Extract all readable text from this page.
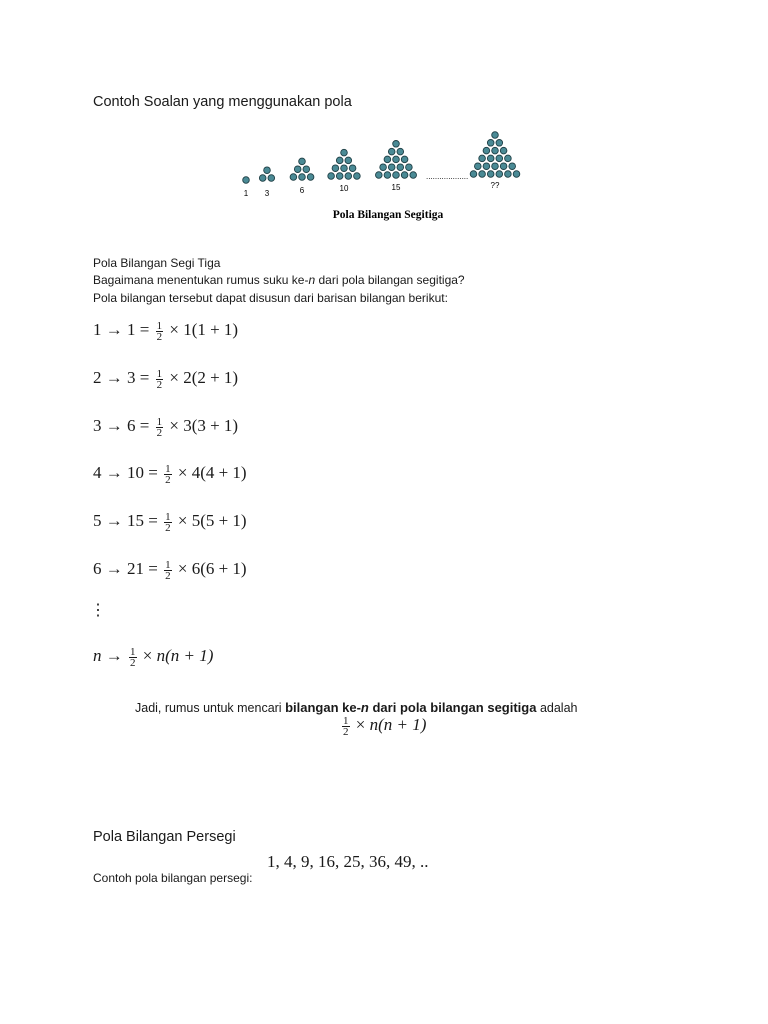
Contoh Soalan yang menggunakan pola
1 3	6	10	15
...................
??
Pola Bilangan Segitiga
Pola Bilangan Segi Tiga
Bagaimana menentukan rumus suku ke-n dari pola bilangan segitiga?
Pola bilangan tersebut dapat disusun dari barisan bilangan berikut:
$1 \to 1 = \frac{1}{2} \times 1(1 + 1)$
$2 \to 3 = \frac{1}{2} \times 2(2 + 1)$
$3 \to 6 = \frac{1}{2} \times 3(3 + 1)$
$4 \to 10 = \frac{1}{2} \times 4(4 + 1)$
$5 \to 15 = \frac{1}{2} \times 5(5 + 1)$
$6 \to 21 = \frac{1}{2} \times 6(6 + 1)$
⋮
$n \to \frac{1}{2} \times n(n + 1)$
Jadi, rumus untuk mencari bilangan ke-n dari pola bilangan segitiga adalah
$\frac{1}{2} \times n(n + 1)$
Pola Bilangan Persegi
1, 4, 9, 16, 25, 36, 49, ..
Contoh pola bilangan persegi:
